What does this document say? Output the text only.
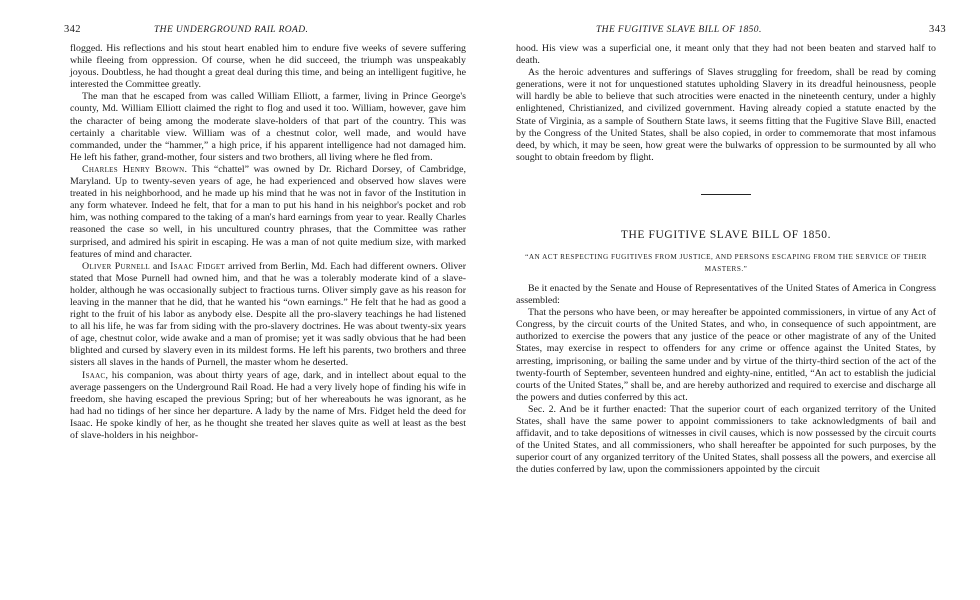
342	THE UNDERGROUND RAIL ROAD.

flogged. His reflections and his stout heart enabled him to endure five weeks of severe suffering while fleeing from oppression. Of course, when he did succeed, the triumph was unspeakably joyous. Doubtless, he had thought a great deal during this time, and being an intelligent fugitive, he interested the Committee greatly.

The man that he escaped from was called William Elliott, a farmer, living in Prince George's county, Md. William Elliott claimed the right to flog and used it too. William, however, gave him the character of being among the moderate slave-holders of that part of the country. This was certainly a charitable view. William was of a chestnut color, well made, and would have commanded, under the “hammer,” a high price, if his apparent intelligence had not damaged him. He left his father, grand-mother, four sisters and two brothers, all living where he fled from.

Charles Henry Brown. This “chattel” was owned by Dr. Richard Dorsey, of Cambridge, Maryland. Up to twenty-seven years of age, he had experienced and observed how slaves were treated in his neighborhood, and he made up his mind that he was not in favor of the Institution in any form whatever. Indeed he felt, that for a man to put his hand in his neighbor's pocket and rob him, was nothing compared to the taking of a man's hard earnings from year to year. Really Charles reasoned the case so well, in his uncultured country phrases, that the Committee was rather surprised, and admired his spirit in escaping. He was a man of not quite medium size, with marked features of mind and character.

Oliver Purnell and Isaac Fidget arrived from Berlin, Md. Each had different owners. Oliver stated that Mose Purnell had owned him, and that he was a tolerably moderate kind of a slave-holder, although he was occasionally subject to fractious turns. Oliver simply gave as his reason for leaving in the manner that he did, that he wanted his “own earnings.” He felt that he had as good a right to the fruit of his labor as anybody else. Despite all the pro-slavery teachings he had listened to all his life, he was far from siding with the pro-slavery doctrines. He was about twenty-six years of age, chestnut color, wide awake and a man of promise; yet it was sadly obvious that he had been blighted and cursed by slavery even in its mildest forms. He left his parents, two brothers and three sisters all slaves in the hands of Purnell, the master whom he deserted.

Isaac, his companion, was about thirty years of age, dark, and in intellect about equal to the average passengers on the Underground Rail Road. He had a very lively hope of finding his wife in freedom, she having escaped the previous Spring; but of her whereabouts he was ignorant, as he had had no tidings of her since her departure. A lady by the name of Mrs. Fidget held the deed for Isaac. He spoke kindly of her, as he thought she treated her slaves quite as well at least as the best of slave-holders in his neighbor-

THE FUGITIVE SLAVE BILL OF 1850.	343

hood. His view was a superficial one, it meant only that they had not been beaten and starved half to death.

As the heroic adventures and sufferings of Slaves struggling for freedom, shall be read by coming generations, were it not for unquestioned statutes upholding Slavery in its dreadful heinousness, people will hardly be able to believe that such atrocities were enacted in the nineteenth century, under a highly enlightened, Christianized, and civilized government. Having already copied a statute enacted by the State of Virginia, as a sample of Southern State laws, it seems fitting that the Fugitive Slave Bill, enacted by the Congress of the United States, shall be also copied, in order to commemorate that most infamous deed, by which, it may be seen, how great were the bulwarks of oppression to be surmounted by all who sought to obtain freedom by flight.

THE FUGITIVE SLAVE BILL OF 1850.
“AN ACT RESPECTING FUGITIVES FROM JUSTICE, AND PERSONS ESCAPING FROM THE SERVICE OF THEIR MASTERS.”

Be it enacted by the Senate and House of Representatives of the United States of America in Congress assembled:

That the persons who have been, or may hereafter be appointed commissioners, in virtue of any Act of Congress, by the circuit courts of the United States, and who, in consequence of such appointment, are authorized to exercise the powers that any justice of the peace or other magistrate of any of the United States, may exercise in respect to offenders for any crime or offence against the United States, by arresting, imprisoning, or bailing the same under and by virtue of the thirty-third section of the act of the twenty-fourth of September, seventeen hundred and eighty-nine, entitled, “An act to establish the judicial courts of the United States,” shall be, and are hereby authorized and required to exercise and discharge all the powers and duties conferred by this act.

Sec. 2. And be it further enacted: That the superior court of each organized territory of the United States, shall have the same power to appoint commissioners to take acknowledgments of bail and affidavit, and to take depositions of witnesses in civil causes, which is now possessed by the circuit courts of the United States, and all commissioners, who shall hereafter be appointed for such purposes, by the superior court of any organized territory of the United States, shall possess all the powers, and exercise all the duties conferred by law, upon the commissioners appointed by the circuit
